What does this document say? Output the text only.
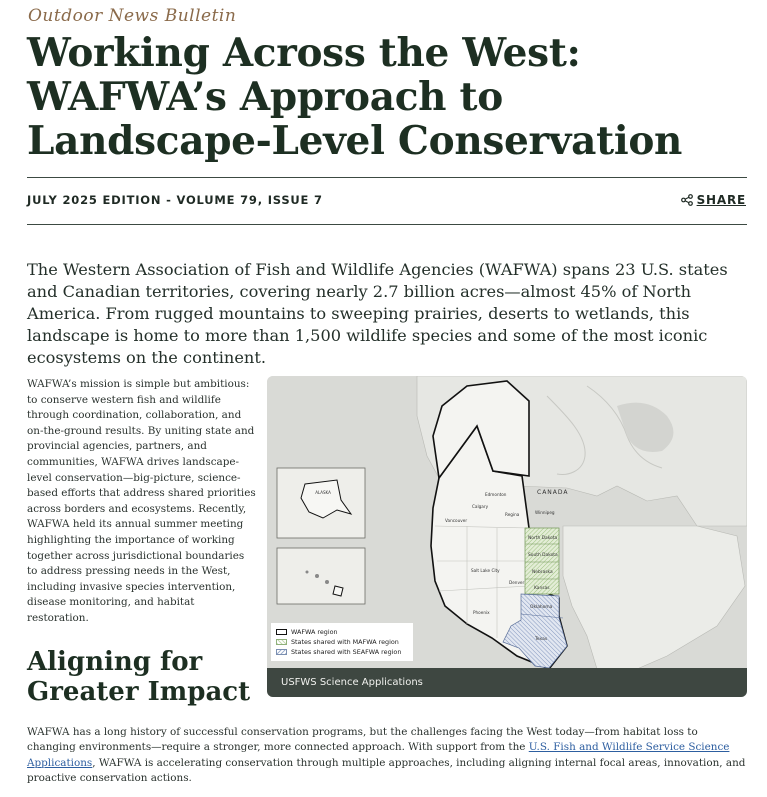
Outdoor News Bulletin
Working Across the West: WAFWA’s Approach to Landscape-Level Conservation
JULY 2025 EDITION - VOLUME 79, ISSUE 7	SHARE

The Western Association of Fish and Wildlife Agencies (WAFWA) spans 23 U.S. states and Canadian territories, covering nearly 2.7 billion acres—almost 45% of North America. From rugged mountains to sweeping prairies, deserts to wetlands, this landscape is home to more than 1,500 wildlife species and some of the most iconic ecosystems on the continent.

WAFWA’s mission is simple but ambitious: to conserve western fish and wildlife through coordination, collaboration, and on-the-ground results. By uniting state and provincial agencies, partners, and communities, WAFWA drives landscape-level conservation—big-picture, science-based efforts that address shared priorities across borders and ecosystems. Recently, WAFWA held its annual summer meeting highlighting the importance of working together across jurisdictional boundaries to address pressing needs in the West, including invasive species intervention, disease monitoring, and habitat restoration.

Aligning for Greater Impact
CANADA
ALASKA	Edmonton
Calgary
Regina	Winnipeg
Vancouver
Denver
Salt Lake City
Phoenix
North Dakota
South Dakota
Nebraska
Kansas
Oklahoma
Texas
WAFWA region
States shared with MAFWA region
States shared with SEAFWA region
USFWS Science Applications

WAFWA has a long history of successful conservation programs, but the challenges facing the West today—from habitat loss to changing environments—require a stronger, more connected approach. With support from the U.S. Fish and Wildlife Service Science Applications, WAFWA is accelerating conservation through multiple approaches, including aligning internal focal areas, innovation, and proactive conservation actions.
